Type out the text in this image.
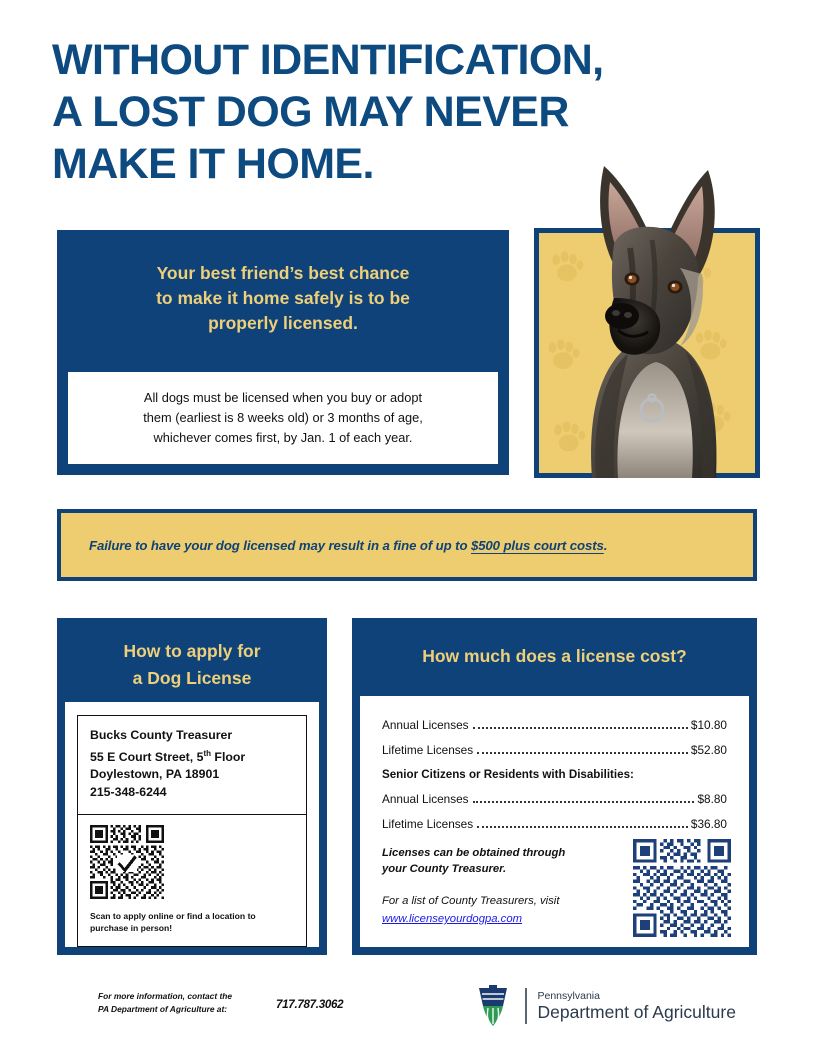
WITHOUT IDENTIFICATION,
A LOST DOG MAY NEVER
MAKE IT HOME.
Your best friend’s best chance
to make it home safely is to be
properly licensed.

All dogs must be licensed when you buy or adopt
them (earliest is 8 weeks old) or 3 months of age,
whichever comes first, by Jan. 1 of each year.

Failure to have your dog licensed may result in a fine of up to $500 plus court costs.

How to apply for
a Dog License
Bucks County Treasurer
55 E Court Street, 5th Floor
Doylestown, PA 18901
215-348-6244
Scan to apply online or find a location to
purchase in person!
How much does a license cost?
Annual Licenses	$10.80
Lifetime Licenses	$52.80
Senior Citizens or Residents with Disabilities:
Annual Licenses	$8.80
Lifetime Licenses	$36.80

Licenses can be obtained through
your County Treasurer.

For a list of County Treasurers, visit

www.licenseyourdogpa.com
For more information, contact the
PA Department of Agriculture at:	717.787.3062
Pennsylvania
Department of Agriculture
